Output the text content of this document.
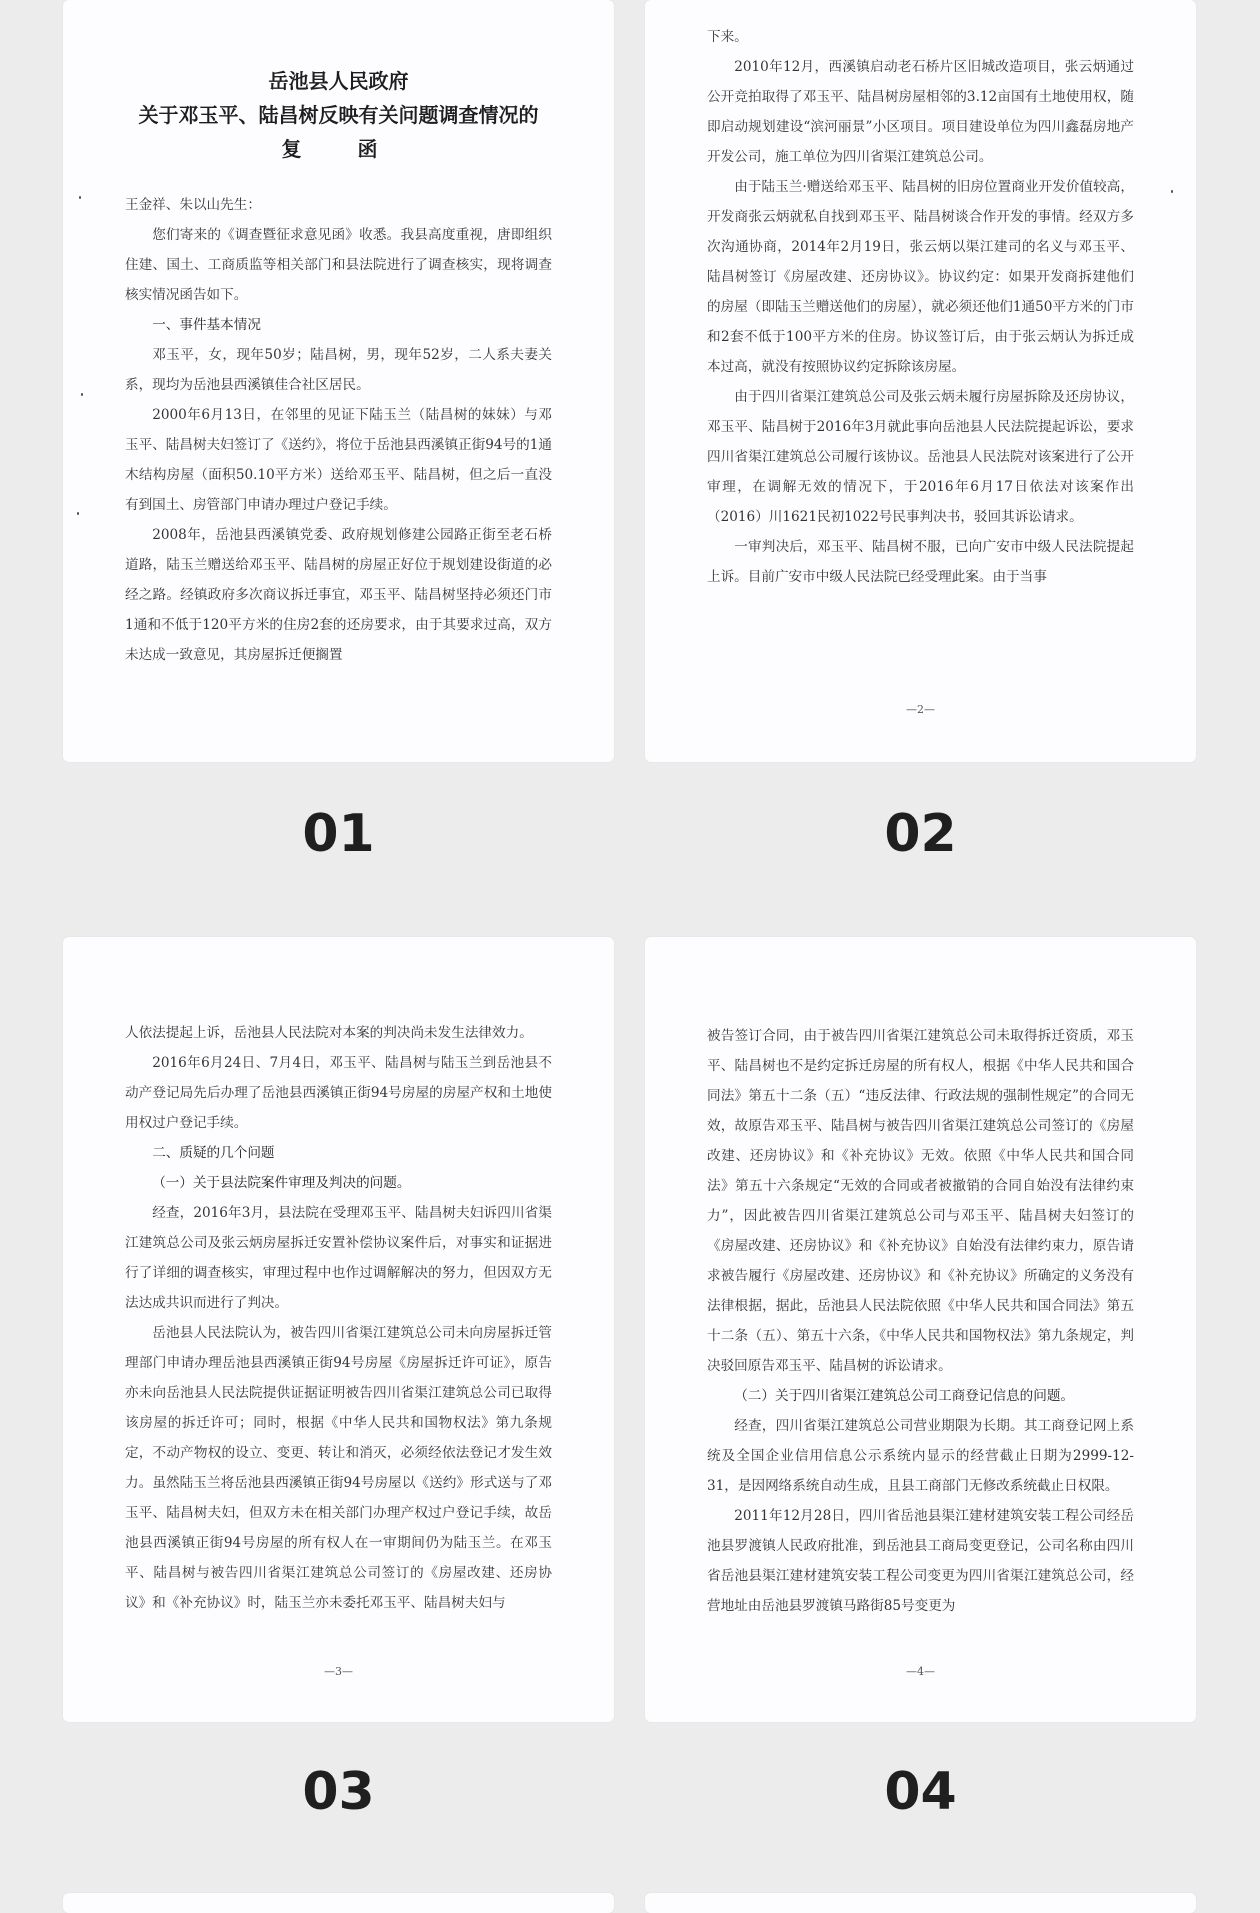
岳池县人民政府

关于邓玉平、陆昌树反映有关问题调查情况的

复　函

王金祥、朱以山先生：

您们寄来的《调查暨征求意见函》收悉。我县高度重视，唐即组织住建、国土、工商质监等相关部门和县法院进行了调查核实，现将调查核实情况函告如下。

一、事件基本情况

邓玉平，女，现年50岁；陆昌树，男，现年52岁，二人系夫妻关系，现均为岳池县西溪镇佳合社区居民。

2000年6月13日，在邻里的见证下陆玉兰（陆昌树的妹妹）与邓玉平、陆昌树夫妇签订了《送约》，将位于岳池县西溪镇正街94号的1通木结构房屋（面积50.10平方米）送给邓玉平、陆昌树，但之后一直没有到国土、房管部门申请办理过户登记手续。

2008年，岳池县西溪镇党委、政府规划修建公园路正街至老石桥道路，陆玉兰赠送给邓玉平、陆昌树的房屋正好位于规划建设街道的必经之路。经镇政府多次商议拆迁事宜，邓玉平、陆昌树坚持必须还门市1通和不低于120平方米的住房2套的还房要求，由于其要求过高，双方未达成一致意见，其房屋拆迁便搁置

01

下来。

2010年12月，西溪镇启动老石桥片区旧城改造项目，张云炳通过公开竞拍取得了邓玉平、陆昌树房屋相邻的3.12亩国有土地使用权，随即启动规划建设“滨河丽景”小区项目。项目建设单位为四川鑫磊房地产开发公司，施工单位为四川省渠江建筑总公司。

由于陆玉兰·赠送给邓玉平、陆昌树的旧房位置商业开发价值较高，开发商张云炳就私自找到邓玉平、陆昌树谈合作开发的事情。经双方多次沟通协商，2014年2月19日，张云炳以渠江建司的名义与邓玉平、陆昌树签订《房屋改建、还房协议》。协议约定：如果开发商拆建他们的房屋（即陆玉兰赠送他们的房屋），就必须还他们1通50平方米的门市和2套不低于100平方米的住房。协议签订后，由于张云炳认为拆迁成本过高，就没有按照协议约定拆除该房屋。

由于四川省渠江建筑总公司及张云炳未履行房屋拆除及还房协议，邓玉平、陆昌树于2016年3月就此事向岳池县人民法院提起诉讼，要求四川省渠江建筑总公司履行该协议。岳池县人民法院对该案进行了公开审理，在调解无效的情况下，于2016年6月17日依法对该案作出（2016）川1621民初1022号民事判决书，驳回其诉讼请求。

一审判决后，邓玉平、陆昌树不服，已向广安市中级人民法院提起上诉。目前广安市中级人民法院已经受理此案。由于当事

—2—
02

人依法提起上诉，岳池县人民法院对本案的判决尚未发生法律效力。

2016年6月24日、7月4日，邓玉平、陆昌树与陆玉兰到岳池县不动产登记局先后办理了岳池县西溪镇正街94号房屋的房屋产权和土地使用权过户登记手续。

二、质疑的几个问题

（一）关于县法院案件审理及判决的问题。

经查，2016年3月，县法院在受理邓玉平、陆昌树夫妇诉四川省渠江建筑总公司及张云炳房屋拆迁安置补偿协议案件后，对事实和证据进行了详细的调查核实，审理过程中也作过调解解决的努力，但因双方无法达成共识而进行了判决。

岳池县人民法院认为，被告四川省渠江建筑总公司未向房屋拆迁管理部门申请办理岳池县西溪镇正街94号房屋《房屋拆迁许可证》，原告亦未向岳池县人民法院提供证据证明被告四川省渠江建筑总公司已取得该房屋的拆迁许可；同时，根据《中华人民共和国物权法》第九条规定，不动产物权的设立、变更、转让和消灭，必须经依法登记才发生效力。虽然陆玉兰将岳池县西溪镇正街94号房屋以《送约》形式送与了邓玉平、陆昌树夫妇，但双方未在相关部门办理产权过户登记手续，故岳池县西溪镇正街94号房屋的所有权人在一审期间仍为陆玉兰。在邓玉平、陆昌树与被告四川省渠江建筑总公司签订的《房屋改建、还房协议》和《补充协议》时，陆玉兰亦未委托邓玉平、陆昌树夫妇与

—3—
03

被告签订合同，由于被告四川省渠江建筑总公司未取得拆迁资质，邓玉平、陆昌树也不是约定拆迁房屋的所有权人，根据《中华人民共和国合同法》第五十二条（五）“违反法律、行政法规的强制性规定”的合同无效，故原告邓玉平、陆昌树与被告四川省渠江建筑总公司签订的《房屋改建、还房协议》和《补充协议》无效。依照《中华人民共和国合同法》第五十六条规定“无效的合同或者被撤销的合同自始没有法律约束力”，因此被告四川省渠江建筑总公司与邓玉平、陆昌树夫妇签订的《房屋改建、还房协议》和《补充协议》自始没有法律约束力，原告请求被告履行《房屋改建、还房协议》和《补充协议》所确定的义务没有法律根据，据此，岳池县人民法院依照《中华人民共和国合同法》第五十二条（五）、第五十六条，《中华人民共和国物权法》第九条规定，判决驳回原告邓玉平、陆昌树的诉讼请求。

（二）关于四川省渠江建筑总公司工商登记信息的问题。

经查，四川省渠江建筑总公司营业期限为长期。其工商登记网上系统及全国企业信用信息公示系统内显示的经营截止日期为2999-12-31，是因网络系统自动生成，且县工商部门无修改系统截止日权限。

2011年12月28日，四川省岳池县渠江建材建筑安装工程公司经岳池县罗渡镇人民政府批准，到岳池县工商局变更登记，公司名称由四川省岳池县渠江建材建筑安装工程公司变更为四川省渠江建筑总公司，经营地址由岳池县罗渡镇马路街85号变更为

—4—
04
